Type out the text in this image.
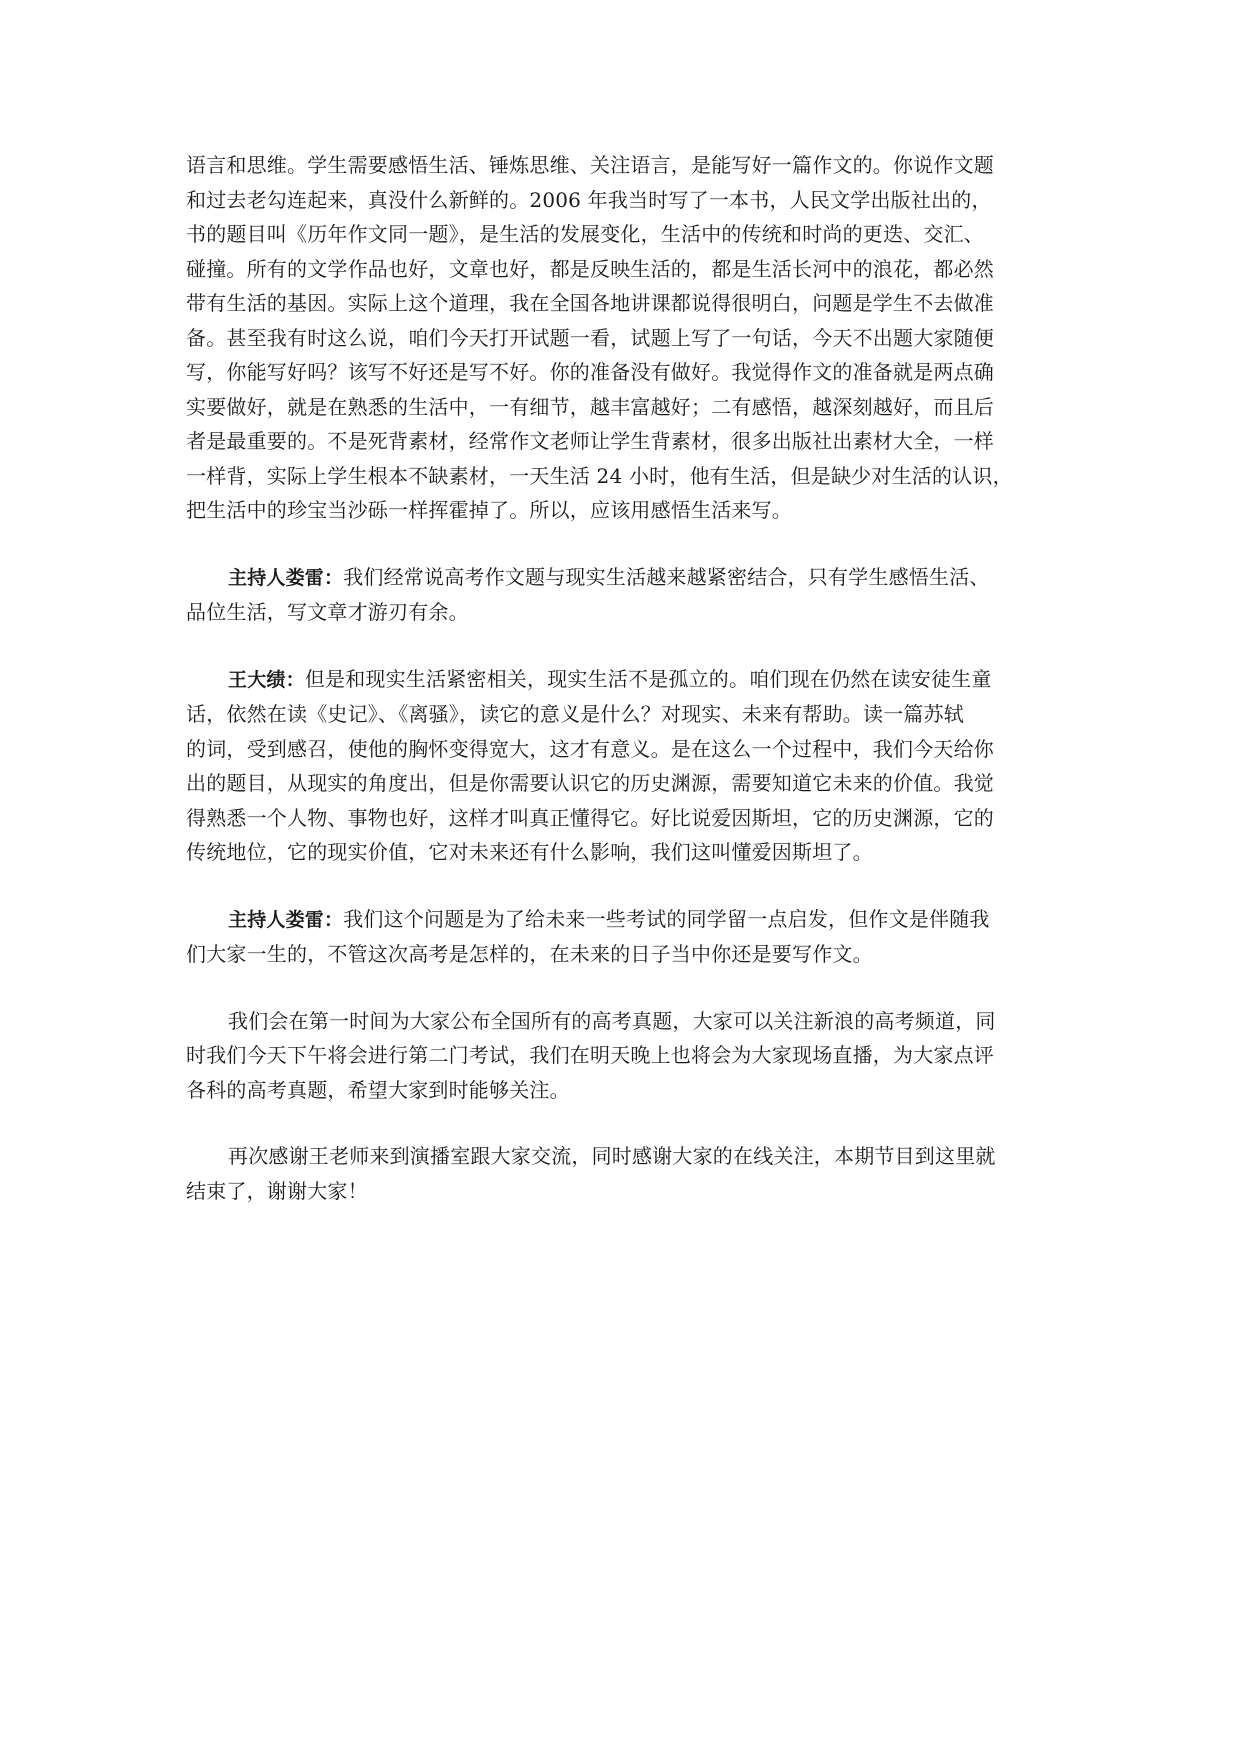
语言和思维。学生需要感悟生活、锤炼思维、关注语言，是能写好一篇作文的。你说作文题
和过去老勾连起来，真没什么新鲜的。2006 年我当时写了一本书，人民文学出版社出的，
书的题目叫《历年作文同一题》，是生活的发展变化，生活中的传统和时尚的更迭、交汇、
碰撞。所有的文学作品也好，文章也好，都是反映生活的，都是生活长河中的浪花，都必然
带有生活的基因。实际上这个道理，我在全国各地讲课都说得很明白，问题是学生不去做准
备。甚至我有时这么说，咱们今天打开试题一看，试题上写了一句话，今天不出题大家随便
写，你能写好吗？该写不好还是写不好。你的准备没有做好。我觉得作文的准备就是两点确
实要做好，就是在熟悉的生活中，一有细节，越丰富越好；二有感悟，越深刻越好，而且后
者是最重要的。不是死背素材，经常作文老师让学生背素材，很多出版社出素材大全，一样
一样背，实际上学生根本不缺素材，一天生活 24 小时，他有生活，但是缺少对生活的认识，
把生活中的珍宝当沙砾一样挥霍掉了。所以，应该用感悟生活来写。

主持人娄雷：我们经常说高考作文题与现实生活越来越紧密结合，只有学生感悟生活、
品位生活，写文章才游刃有余。

王大绩：但是和现实生活紧密相关，现实生活不是孤立的。咱们现在仍然在读安徒生童
话，依然在读《史记》、《离骚》，读它的意义是什么？对现实、未来有帮助。读一篇苏轼
的词，受到感召，使他的胸怀变得宽大，这才有意义。是在这么一个过程中，我们今天给你
出的题目，从现实的角度出，但是你需要认识它的历史渊源，需要知道它未来的价值。我觉
得熟悉一个人物、事物也好，这样才叫真正懂得它。好比说爱因斯坦，它的历史渊源，它的
传统地位，它的现实价值，它对未来还有什么影响，我们这叫懂爱因斯坦了。

主持人娄雷：我们这个问题是为了给未来一些考试的同学留一点启发，但作文是伴随我
们大家一生的，不管这次高考是怎样的，在未来的日子当中你还是要写作文。

我们会在第一时间为大家公布全国所有的高考真题，大家可以关注新浪的高考频道，同
时我们今天下午将会进行第二门考试，我们在明天晚上也将会为大家现场直播，为大家点评
各科的高考真题，希望大家到时能够关注。

再次感谢王老师来到演播室跟大家交流，同时感谢大家的在线关注，本期节目到这里就
结束了，谢谢大家！
